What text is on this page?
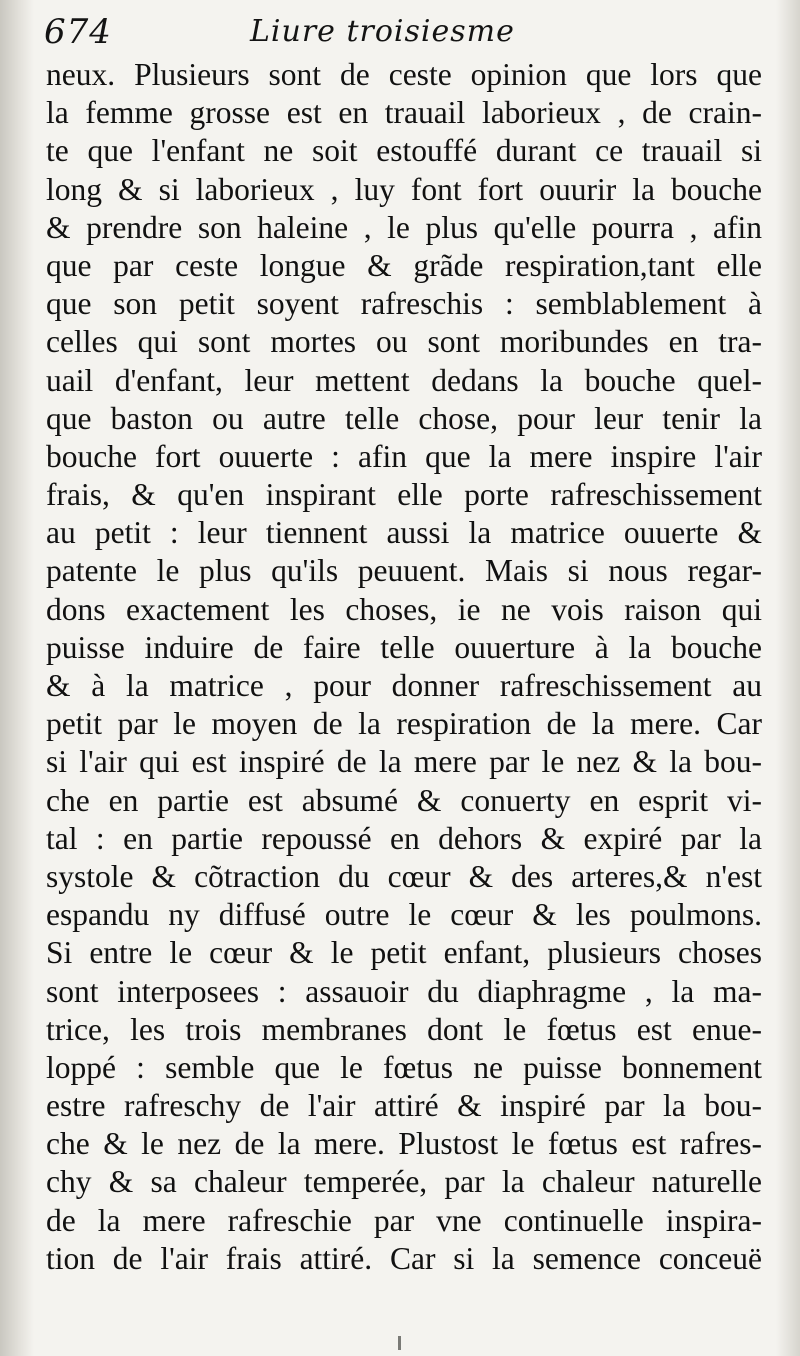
674	Liure troisiesme
neux. Plusieurs sont de ceste opinion que lors que
la femme grosse est en trauail laborieux , de crain-
te que l'enfant ne soit estouffé durant ce trauail si
long & si laborieux , luy font fort ouurir la bouche
& prendre son haleine , le plus qu'elle pourra , afin
que par ceste longue & grãde respiration,tant elle
que son petit soyent rafreschis : semblablement à
celles qui sont mortes ou sont moribundes en tra-
uail d'enfant, leur mettent dedans la bouche quel-
que baston ou autre telle chose, pour leur tenir la
bouche fort ouuerte : afin que la mere inspire l'air
frais, & qu'en inspirant elle porte rafreschissement
au petit : leur tiennent aussi la matrice ouuerte &
patente le plus qu'ils peuuent. Mais si nous regar-
dons exactement les choses, ie ne vois raison qui
puisse induire de faire telle ouuerture à la bouche
& à la matrice , pour donner rafreschissement au
petit par le moyen de la respiration de la mere. Car
si l'air qui est inspiré de la mere par le nez & la bou-
che en partie est absumé & conuerty en esprit vi-
tal : en partie repoussé en dehors & expiré par la
systole & cõtraction du cœur & des arteres,& n'est
espandu ny diffusé outre le cœur & les poulmons.
Si entre le cœur & le petit enfant, plusieurs choses
sont interposees : assauoir du diaphragme , la ma-
trice, les trois membranes dont le fœtus est enue-
loppé : semble que le fœtus ne puisse bonnement
estre rafreschy de l'air attiré & inspiré par la bou-
che & le nez de la mere. Plustost le fœtus est rafres-
chy & sa chaleur temperée, par la chaleur naturelle
de la mere rafreschie par vne continuelle inspira-
tion de l'air frais attiré. Car si la semence conceuë
